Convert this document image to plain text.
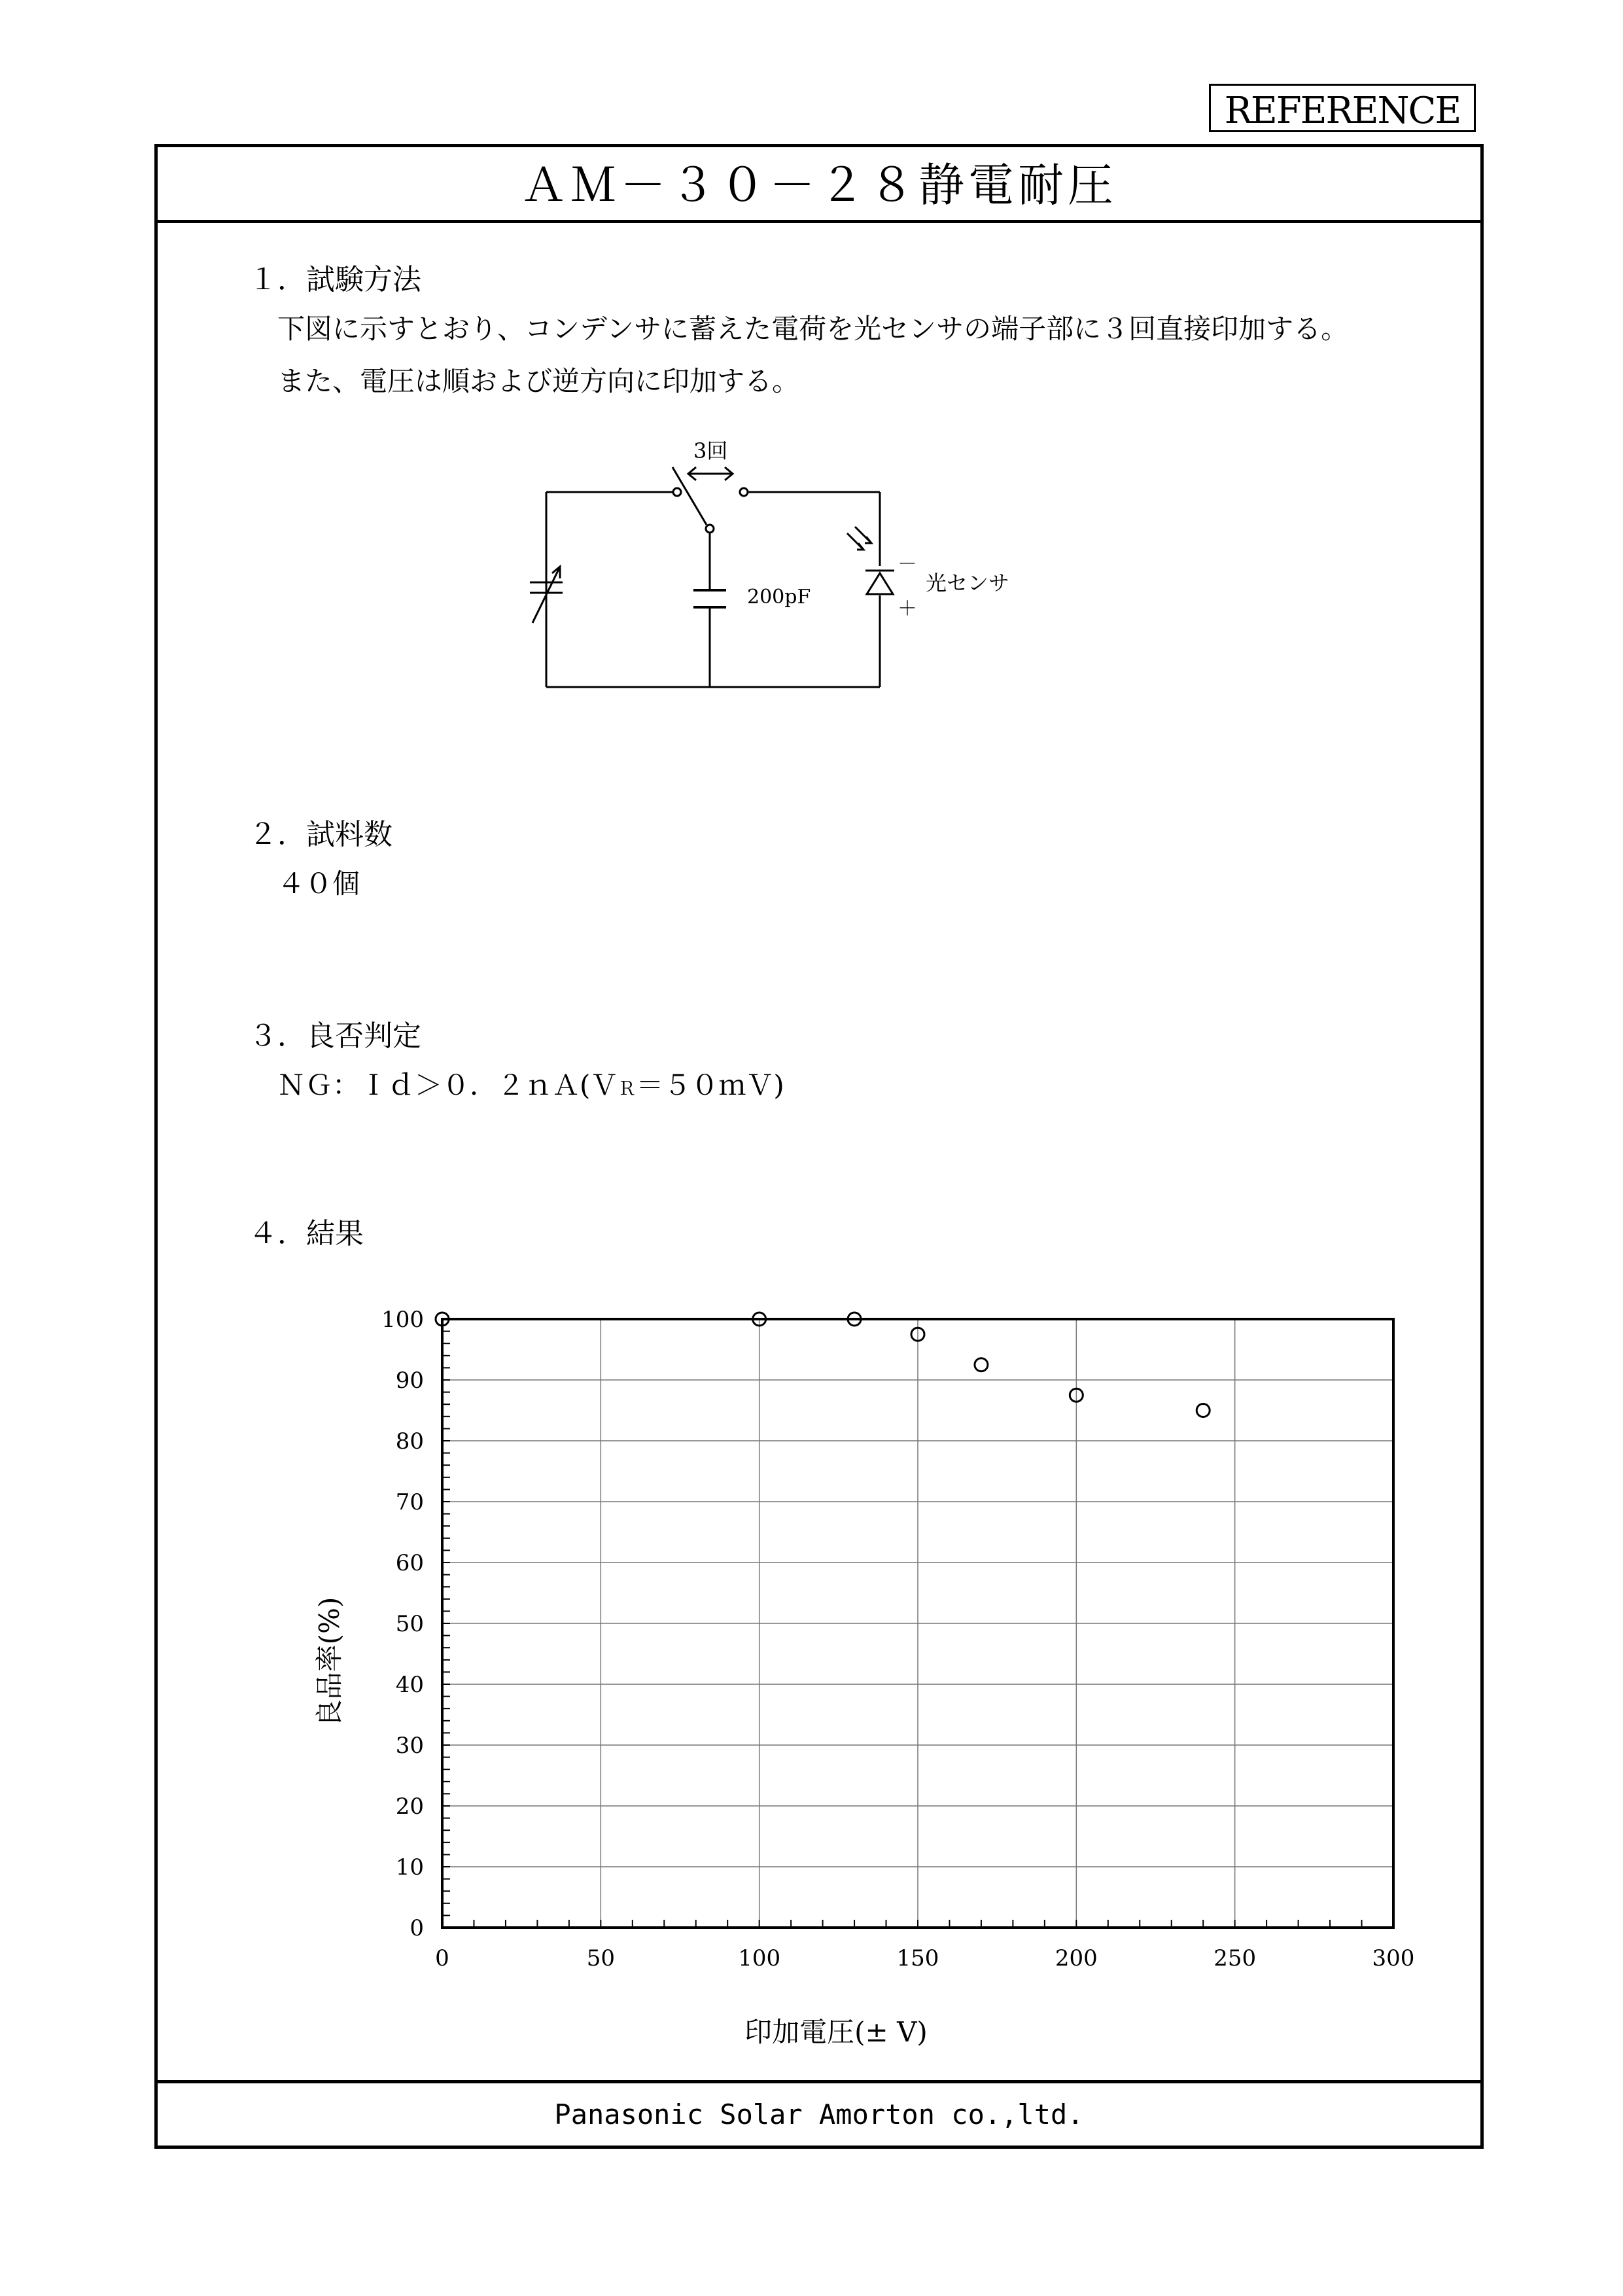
REFERENCE
ＡＭ－３０－２８静電耐圧
Panasonic Solar Amorton co.,ltd.
１．試験方法
下図に示すとおり、コンデンサに蓄えた電荷を光センサの端子部に３回直接印加する。
また、電圧は順および逆方向に印加する。
3回
200pF
－
＋
光センサ
２．試料数
４０個
３．良否判定
ＮＧ：Ｉｄ＞０．２ｎＡ(ＶＲ＝５０ｍＶ)
４．結果
0	50	100	150	200	250	300
0
10
20
30
40
50
60
70
80
90
100
印加電圧(± V)
良品率(%)
